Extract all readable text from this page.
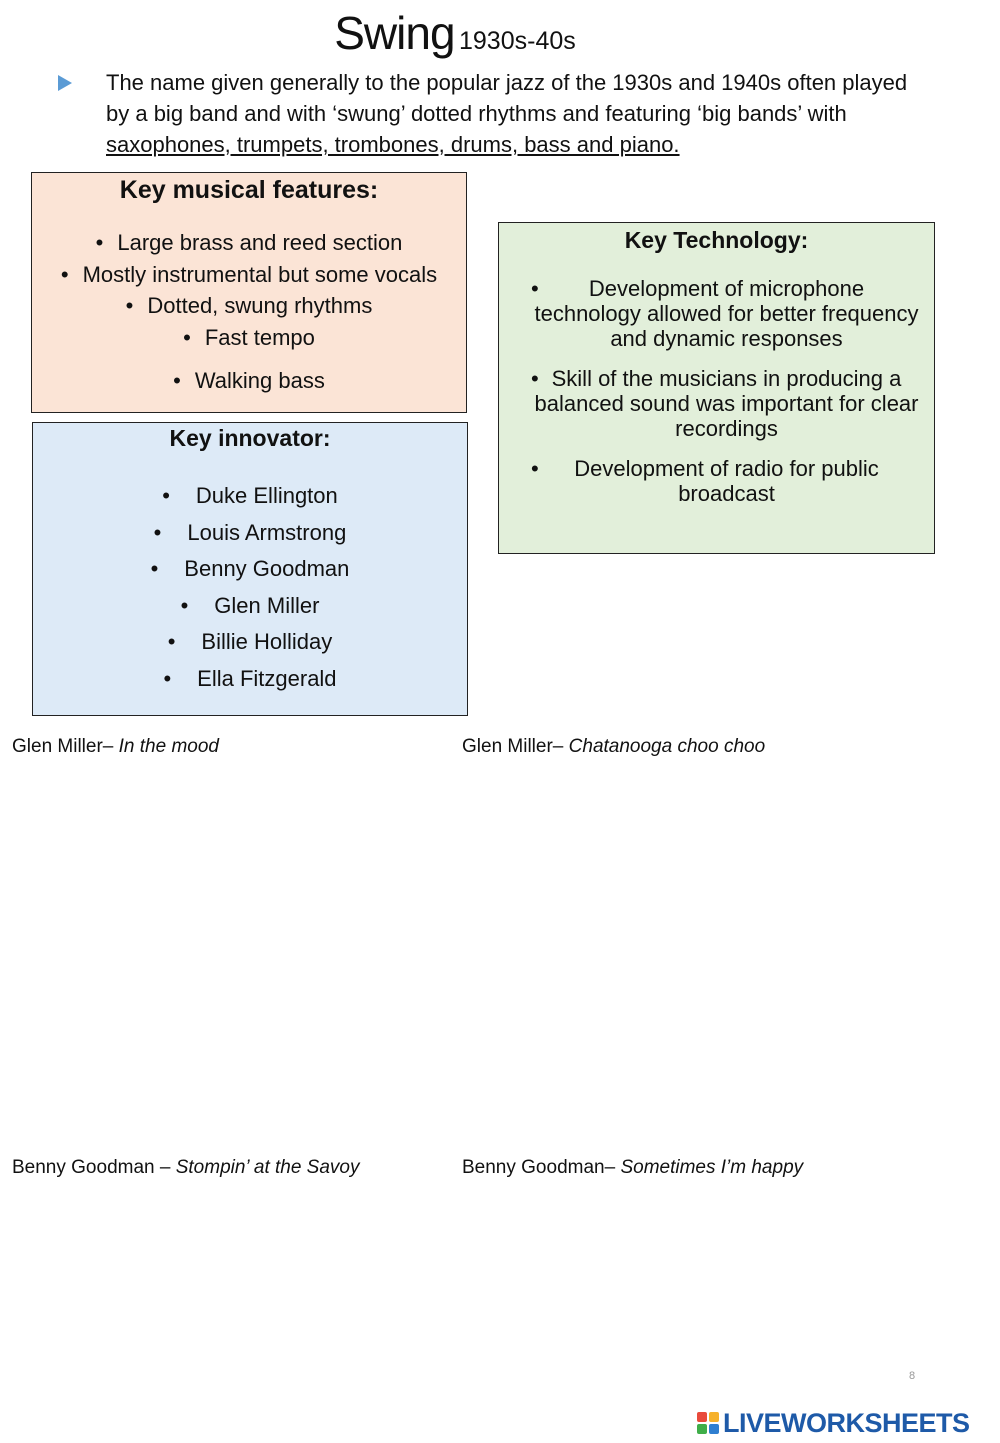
Swing 1930s-40s
The name given generally to the popular jazz of the 1930s and 1940s often played by a big band and with ‘swung’ dotted rhythms and featuring ‘big bands’ with saxophones, trumpets, trombones, drums, bass and piano.
Key musical features:
• Large brass and reed section
• Mostly instrumental but some vocals
• Dotted, swung rhythms
• Fast tempo
• Walking bass
Key Technology:
• Development of microphone technology allowed for better frequency and dynamic responses
• Skill of the musicians in producing a balanced sound was important for clear recordings
• Development of radio for public broadcast
Key innovator:
• Duke Ellington
• Louis Armstrong
• Benny Goodman
• Glen Miller
• Billie Holliday
• Ella Fitzgerald
Glen Miller– In the mood	Glen Miller– Chatanooga choo choo
Benny Goodman – Stompin’ at the Savoy	Benny Goodman– Sometimes I’m happy
8
LIVEWORKSHEETS
